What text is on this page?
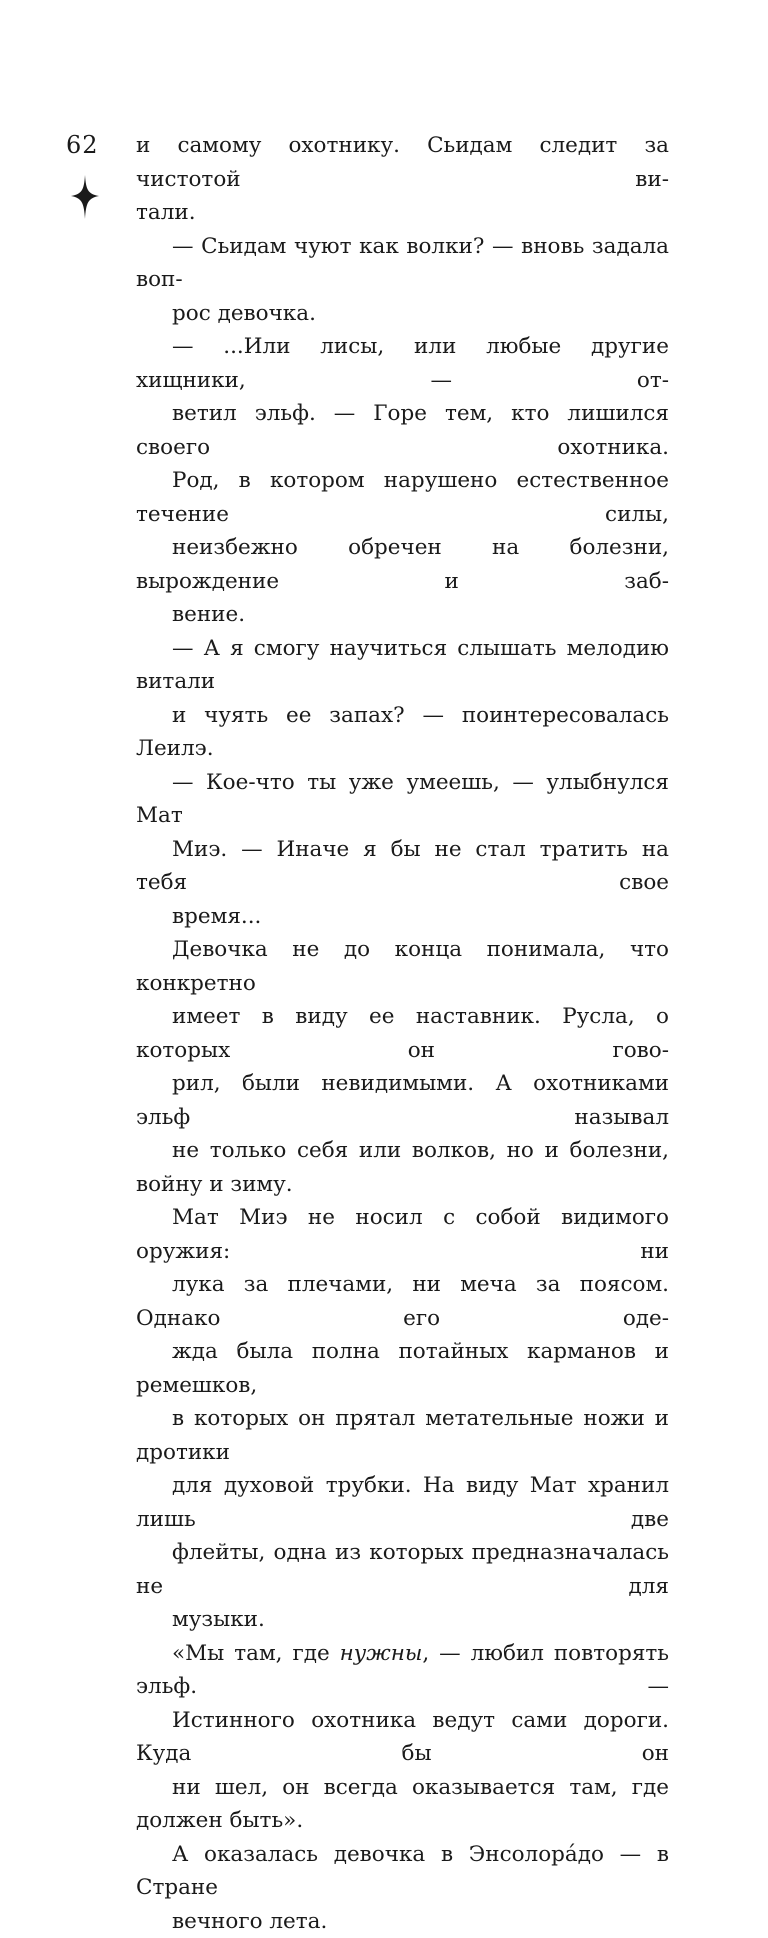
62 и самому охотнику. Сьидам следит за чистотой ви-
тали.

— Сьидам чуют как волки? — вновь задала воп-
рос девочка.

— ...Или лисы, или любые другие хищники, — от-
ветил эльф. — Горе тем, кто лишился своего охотника.
Род, в котором нарушено естественное течение силы,
неизбежно обречен на болезни, вырождение и заб-
вение.

— А я смогу научиться слышать мелодию витали
и чуять ее запах? — поинтересовалась Леилэ.

— Кое-что ты уже умеешь, — улыбнулся Мат
Миэ. — Иначе я бы не стал тратить на тебя свое
время...

Девочка не до конца понимала, что конкретно
имеет в виду ее наставник. Русла, о которых он гово-
рил, были невидимыми. А охотниками эльф называл
не только себя или волков, но и болезни, войну и зиму.

Мат Миэ не носил с собой видимого оружия: ни
лука за плечами, ни меча за поясом. Однако его оде-
жда была полна потайных карманов и ремешков,
в которых он прятал метательные ножи и дротики
для духовой трубки. На виду Мат хранил лишь две
флейты, одна из которых предназначалась не для
музыки.

«Мы там, где нужны, — любил повторять эльф. —
Истинного охотника ведут сами дороги. Куда бы он
ни шел, он всегда оказывается там, где должен быть».

А оказалась девочка в Энсолора́до — в Стране
вечного лета.
